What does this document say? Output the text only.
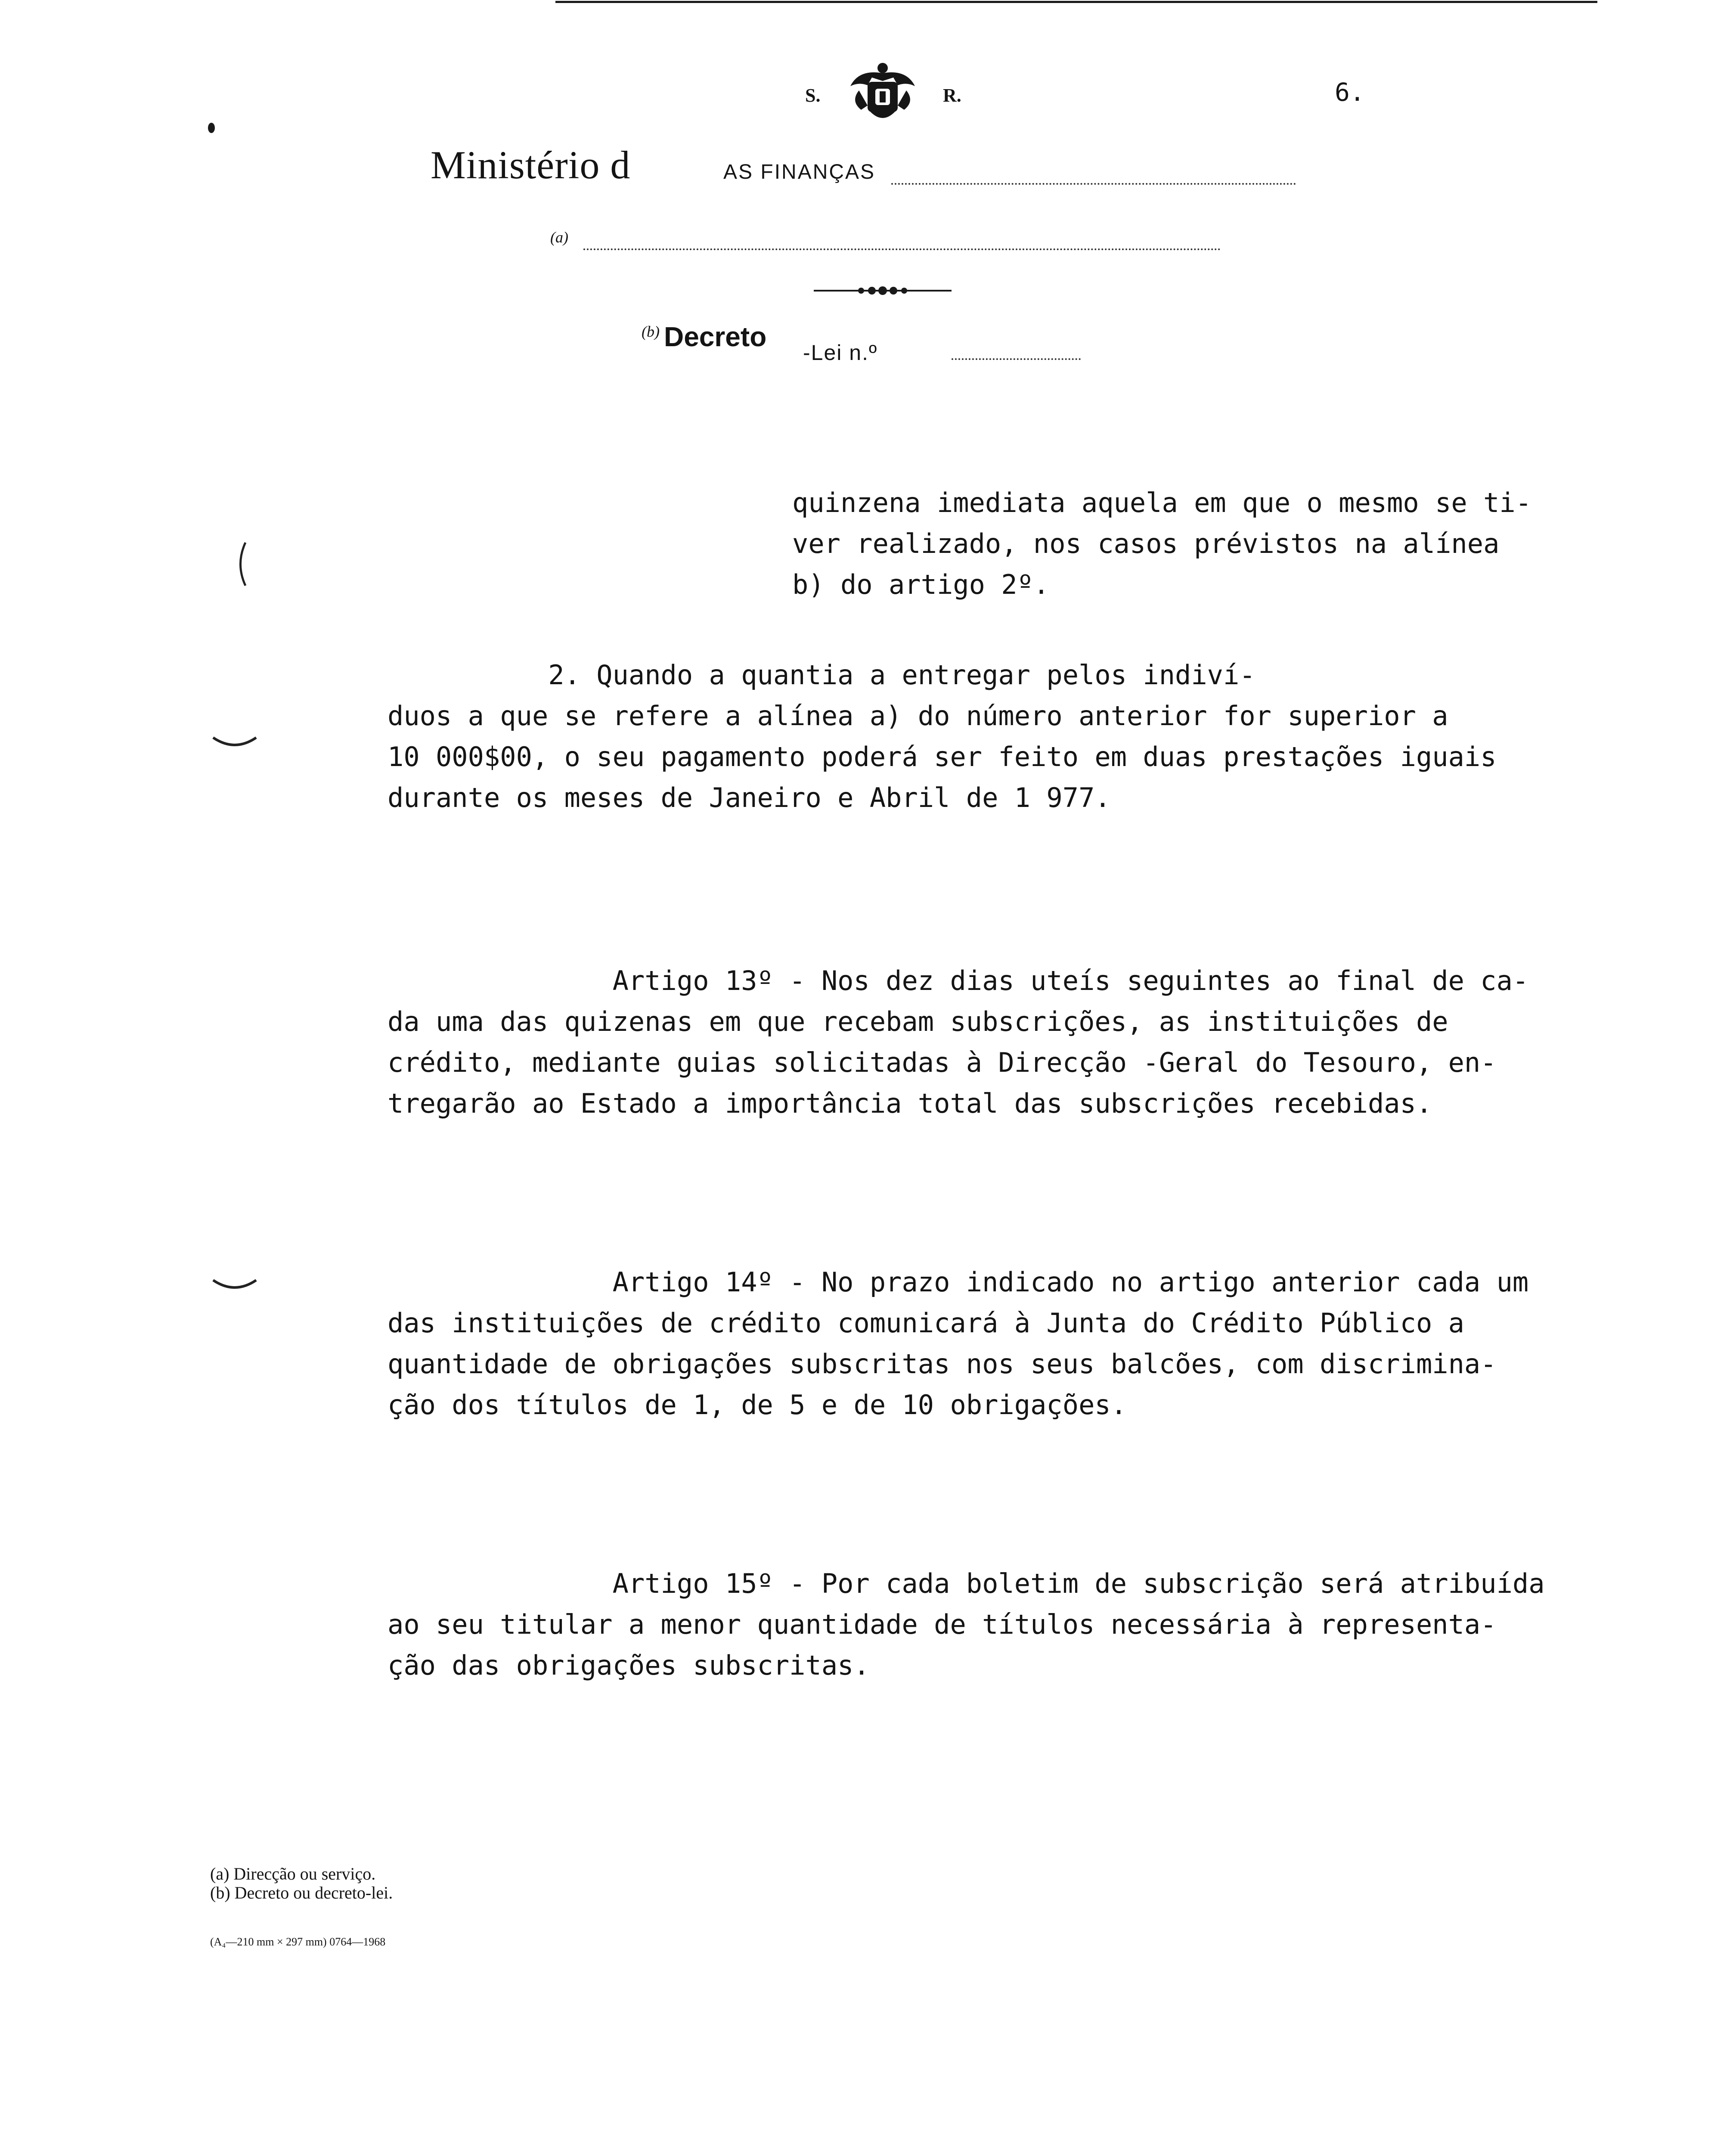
S.	R.	6.
Ministério d	AS FINANÇAS
(a)
$^{(b)}$ Decreto
-Lei n.º
quinzena imediata aquela em que o mesmo se ti-
ver realizado, nos casos prévistos na alínea
b) do artigo 2º.
2. Quando a quantia a entregar pelos indiví-
duos a que se refere a alínea a) do número anterior for superior a
10 000$00, o seu pagamento poderá ser feito em duas prestações iguais
durante os meses de Janeiro e Abril de 1 977.
Artigo 13º - Nos dez dias uteís seguintes ao final de ca-
da uma das quizenas em que recebam subscrições, as instituições de
crédito, mediante guias solicitadas à Direcção -Geral do Tesouro, en-
tregarão ao Estado a importância total das subscrições recebidas.
Artigo 14º - No prazo indicado no artigo anterior cada um
das instituições de crédito comunicará à Junta do Crédito Público a
quantidade de obrigações subscritas nos seus balcões, com discrimina-
ção dos títulos de 1, de 5 e de 10 obrigações.
Artigo 15º - Por cada boletim de subscrição será atribuída
ao seu titular a menor quantidade de títulos necessária à representa-
ção das obrigações subscritas.
(a) Direcção ou serviço.
(b) Decreto ou decreto-lei.
(A₄—210 mm × 297 mm) 0764—1968
